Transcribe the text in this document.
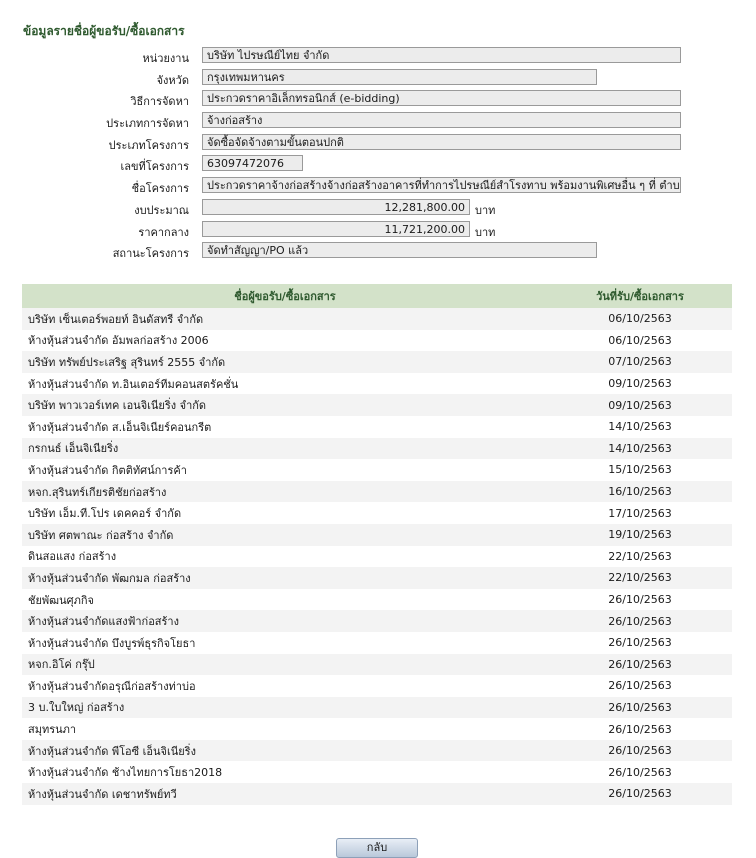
ข้อมูลรายชื่อผู้ขอรับ/ซื้อเอกสาร
หน่วยงาน	บริษัท ไปรษณีย์ไทย จำกัด
จังหวัด	กรุงเทพมหานคร
วิธีการจัดหา	ประกวดราคาอิเล็กทรอนิกส์ (e-bidding)
ประเภทการจัดหา	จ้างก่อสร้าง
ประเภทโครงการ	จัดซื้อจัดจ้างตามขั้นตอนปกติ
เลขที่โครงการ	63097472076
ชื่อโครงการ	ประกวดราคาจ้างก่อสร้างจ้างก่อสร้างอาคารที่ทำการไปรษณีย์สำโรงทาบ พร้อมงานพิเศษอื่น ๆ ที่ ตำบ
งบประมาณ	12,281,800.00 บาท
ราคากลาง	11,721,200.00 บาท
สถานะโครงการ	จัดทำสัญญา/PO แล้ว
ชื่อผู้ขอรับ/ซื้อเอกสาร	วันที่รับ/ซื้อเอกสาร
บริษัท เซ็นเตอร์พอยท์ อินดัสทรี จำกัด	06/10/2563
ห้างหุ้นส่วนจำกัด อัมพลก่อสร้าง 2006	06/10/2563
บริษัท ทรัพย์ประเสริฐ สุรินทร์ 2555 จำกัด	07/10/2563
ห้างหุ้นส่วนจำกัด ท.อินเตอร์ทีมคอนสตรัคชั่น	09/10/2563
บริษัท พาวเวอร์เทค เอนจิเนียริ่ง จำกัด	09/10/2563
ห้างหุ้นส่วนจำกัด ส.เอ็นจิเนียร์คอนกรีต	14/10/2563
กรกนธ์ เอ็นจิเนียริ่ง	14/10/2563
ห้างหุ้นส่วนจำกัด กิตติทัศน์การค้า	15/10/2563
หจก.สุรินทร์เกียรติชัยก่อสร้าง	16/10/2563
บริษัท เอ็ม.ที.โปร เดคคอร์ จำกัด	17/10/2563
บริษัท ศตพาณะ ก่อสร้าง จำกัด	19/10/2563
ดินสอแสง ก่อสร้าง	22/10/2563
ห้างหุ้นส่วนจำกัด พัฒกมล ก่อสร้าง	22/10/2563
ชัยพัฒนศุภกิจ	26/10/2563
ห้างหุ้นส่วนจำกัดแสงฟ้าก่อสร้าง	26/10/2563
ห้างหุ้นส่วนจำกัด บึงบูรพ์ธุรกิจโยธา	26/10/2563
หจก.อิโค่ กรุ๊ป	26/10/2563
ห้างหุ้นส่วนจำกัดอรุณีก่อสร้างท่าบ่อ	26/10/2563
3 บ.ใบใหญ่ ก่อสร้าง	26/10/2563
สมุทรนภา	26/10/2563
ห้างหุ้นส่วนจำกัด พีโอซี เอ็นจิเนียริ่ง	26/10/2563
ห้างหุ้นส่วนจำกัด ช้างไทยการโยธา2018	26/10/2563
ห้างหุ้นส่วนจำกัด เดชาทรัพย์ทวี	26/10/2563
กลับ
